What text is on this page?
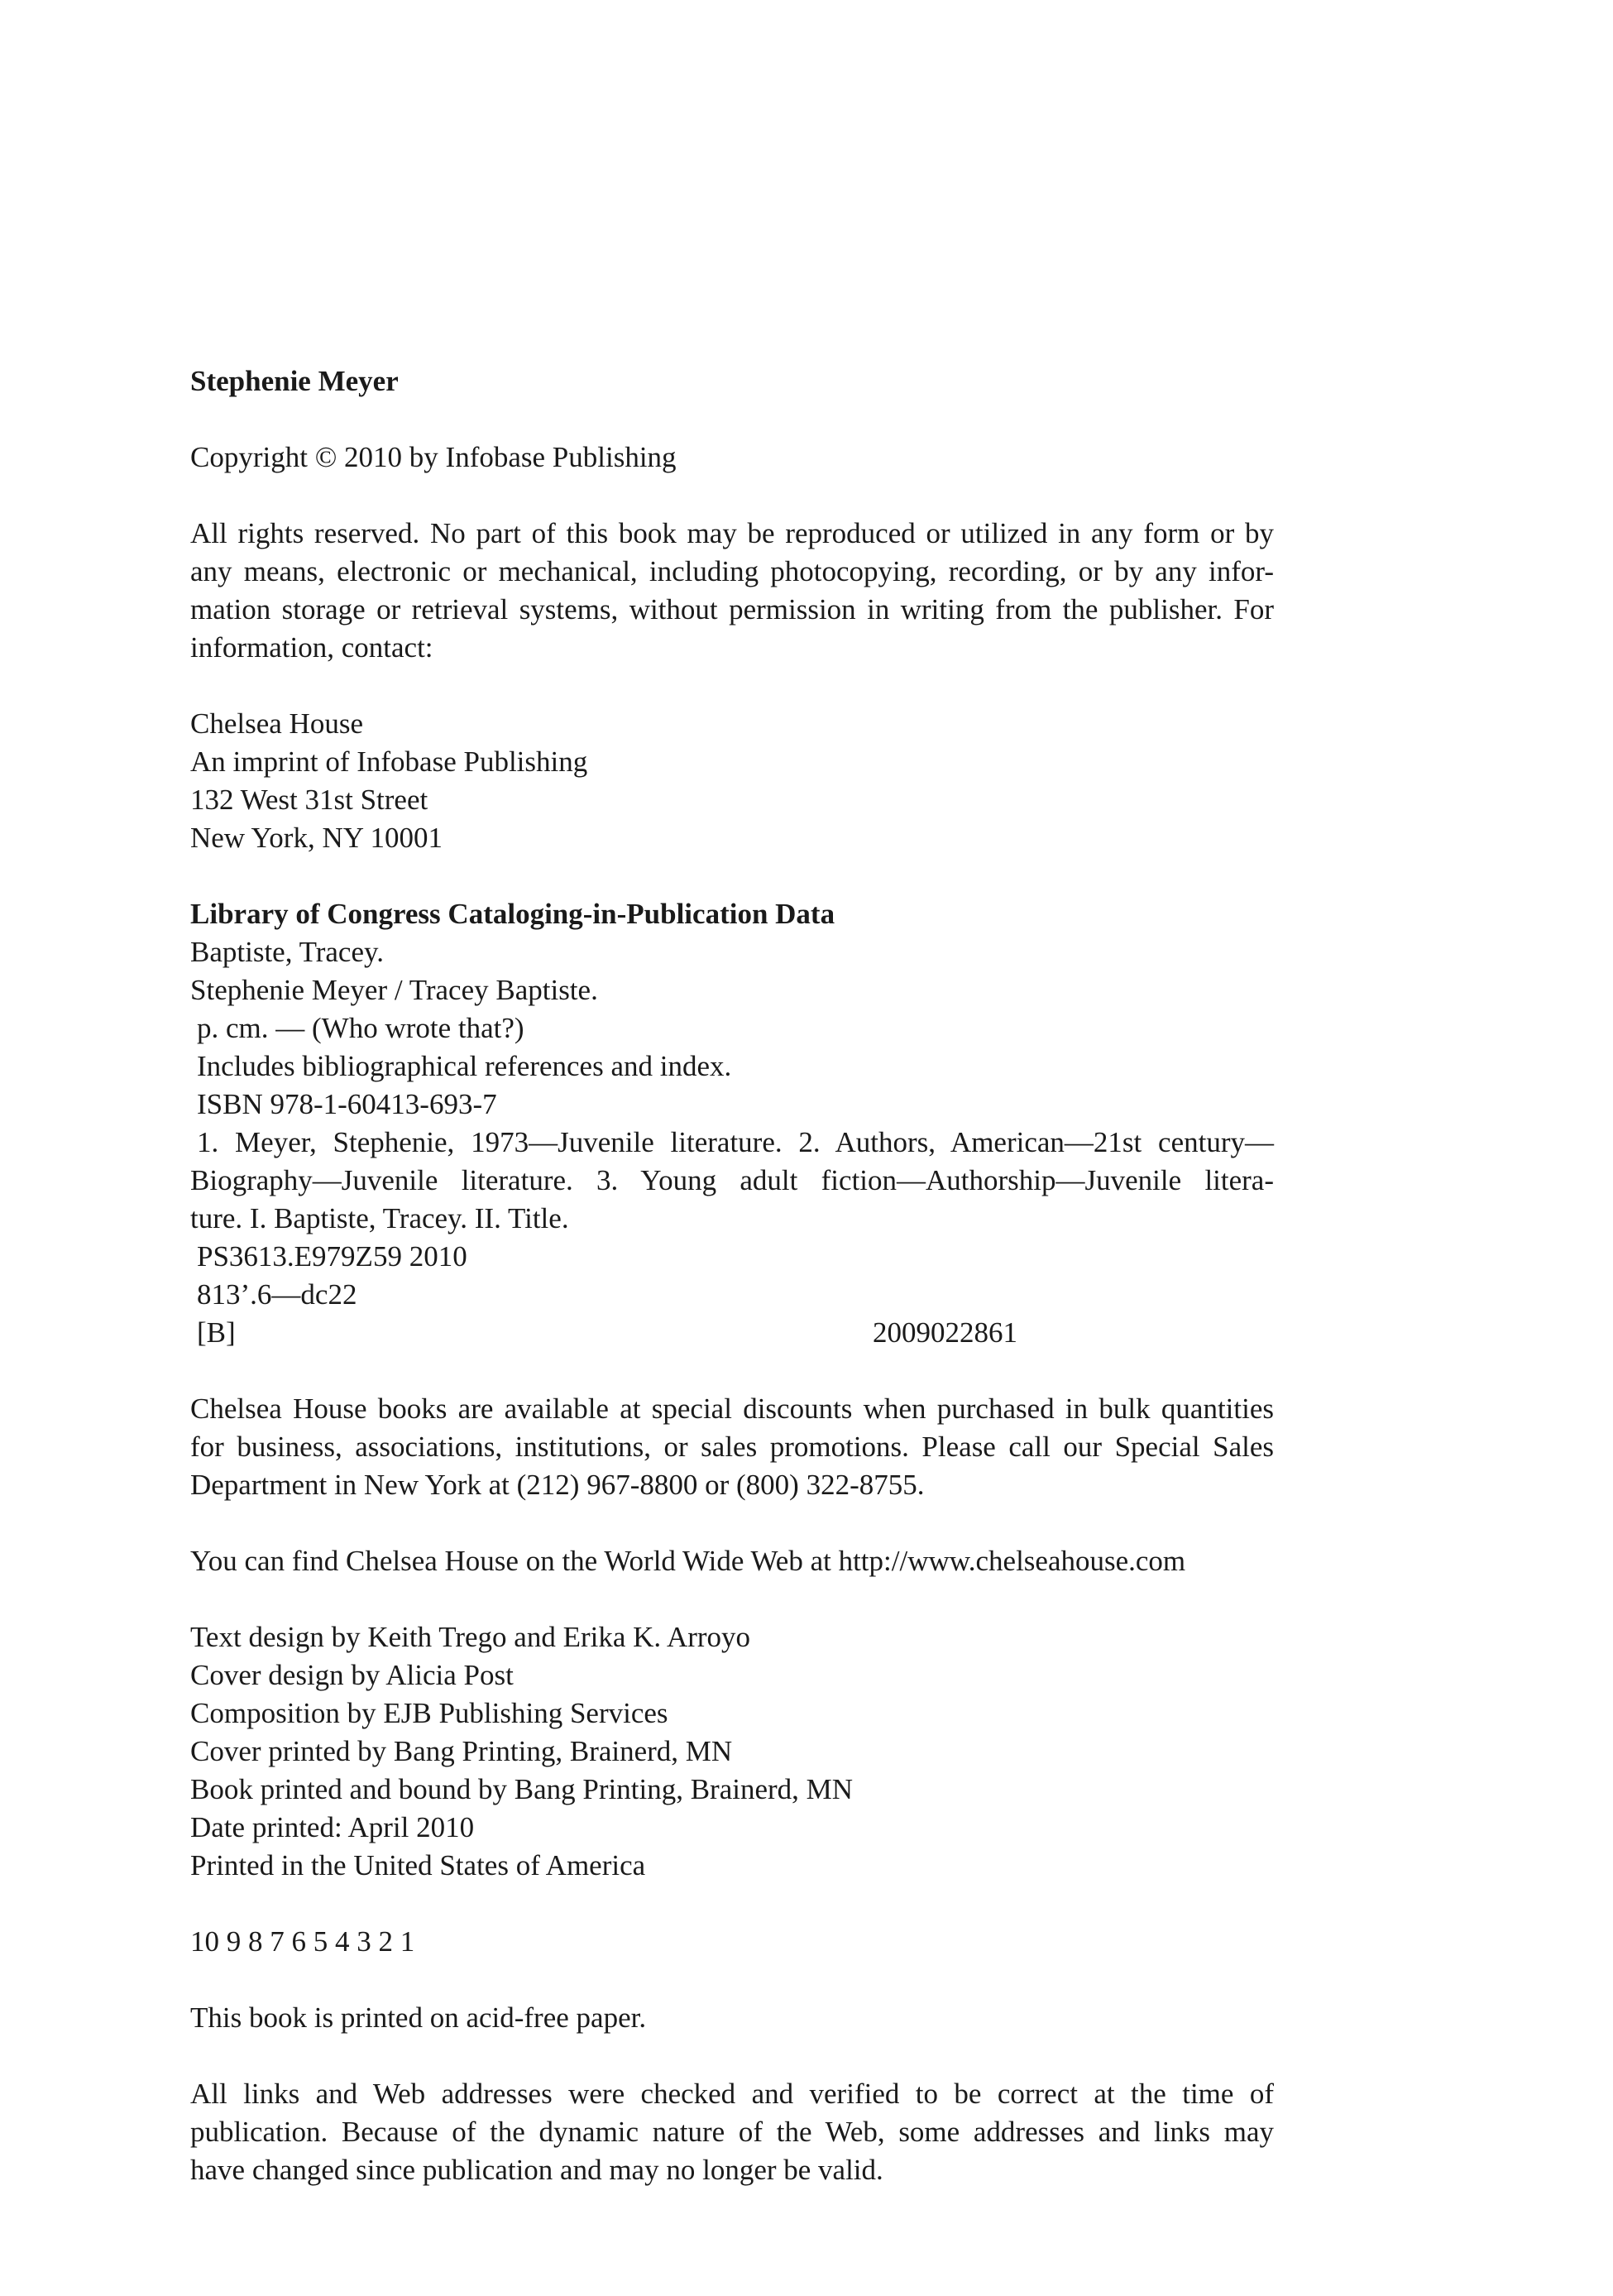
Stephenie Meyer
Copyright © 2010 by Infobase Publishing
All rights reserved. No part of this book may be reproduced or utilized in any form or by
any means, electronic or mechanical, including photocopying, recording, or by any infor-
mation storage or retrieval systems, without permission in writing from the publisher. For
information, contact:
Chelsea House
An imprint of Infobase Publishing
132 West 31st Street
New York, NY 10001
Library of Congress Cataloging-in-Publication Data
Baptiste, Tracey.
Stephenie Meyer / Tracey Baptiste.
p. cm. — (Who wrote that?)
Includes bibliographical references and index.
ISBN 978-1-60413-693-7
1. Meyer, Stephenie, 1973—Juvenile literature. 2. Authors, American—21st century—
Biography—Juvenile literature. 3. Young adult fiction—Authorship—Juvenile litera-
ture. I. Baptiste, Tracey. II. Title.
PS3613.E979Z59 2010
813’.6—dc22
[B]	2009022861
Chelsea House books are available at special discounts when purchased in bulk quantities
for business, associations, institutions, or sales promotions. Please call our Special Sales
Department in New York at (212) 967-8800 or (800) 322-8755.
You can find Chelsea House on the World Wide Web at http://www.chelseahouse.com
Text design by Keith Trego and Erika K. Arroyo
Cover design by Alicia Post
Composition by EJB Publishing Services
Cover printed by Bang Printing, Brainerd, MN
Book printed and bound by Bang Printing, Brainerd, MN
Date printed: April 2010
Printed in the United States of America
10 9 8 7 6 5 4 3 2 1
This book is printed on acid-free paper.
All links and Web addresses were checked and verified to be correct at the time of
publication. Because of the dynamic nature of the Web, some addresses and links may
have changed since publication and may no longer be valid.
